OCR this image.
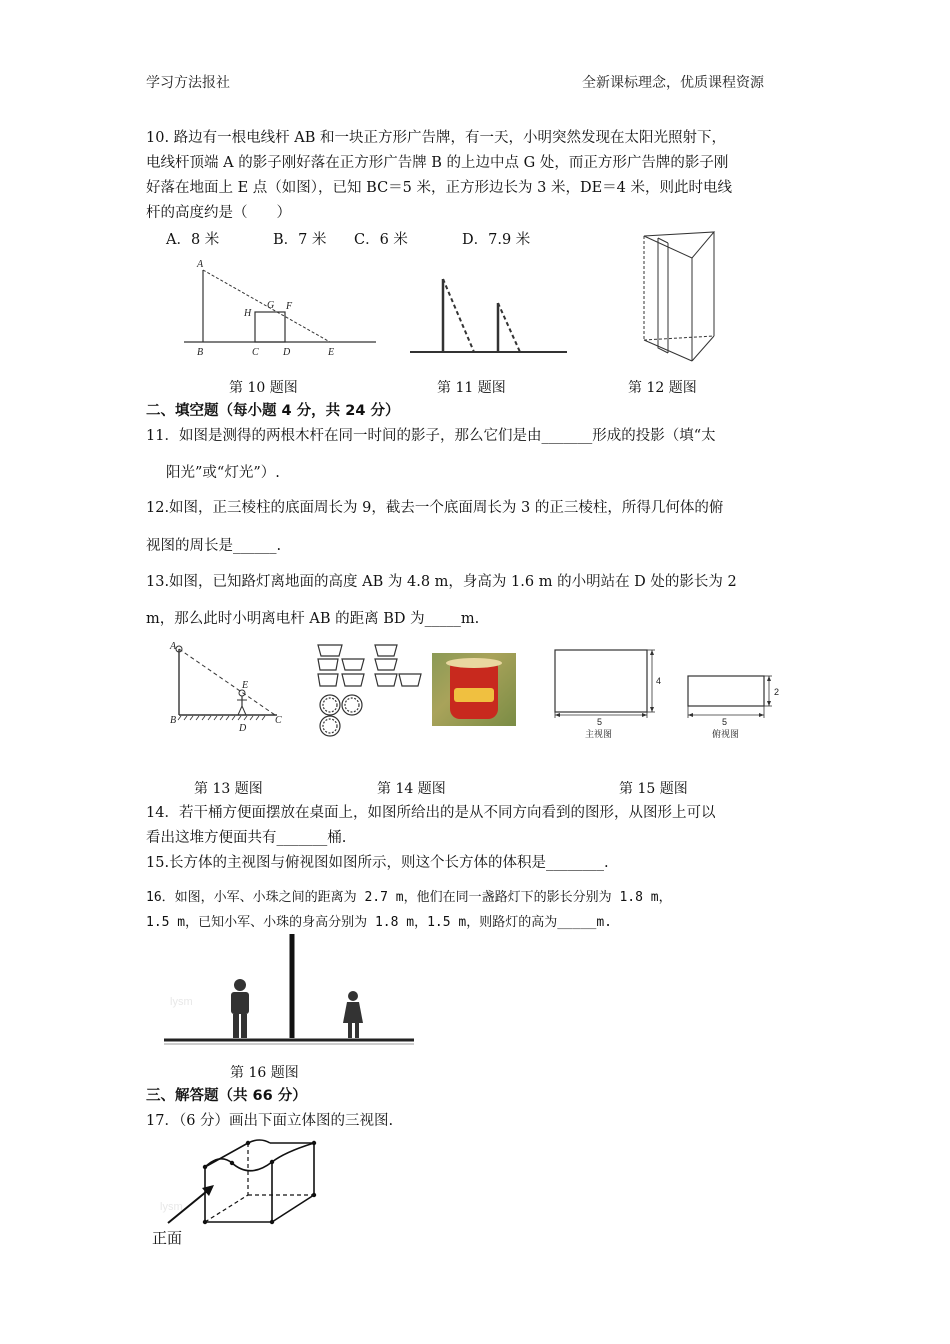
学习方法报社	全新课标理念，优质课程资源
10. 路边有一根电线杆 AB 和一块正方形广告牌，有一天，小明突然发现在太阳光照射下，
电线杆顶端 A 的影子刚好落在正方形广告牌 B 的上边中点 G 处，而正方形广告牌的影子刚
好落在地面上 E 点（如图），已知 BC＝5 米，正方形边长为 3 米，DE＝4 米，则此时电线
杆的高度约是（　　）
A．8 米	B．7 米 C．6 米	D．7.9 米
A
B	C D	E
F
G
H
第 10 题图	第 11 题图	第 12 题图
二、填空题（每小题 4 分，共 24 分）
11．如图是测得的两根木杆在同一时间的影子，那么它们是由_______形成的投影（填“太
阳光”或“灯光”）.
12.如图，正三棱柱的底面周长为 9，截去一个底面周长为 3 的正三棱柱，所得几何体的俯
视图的周长是______.
13.如图，已知路灯离地面的高度 AB 为 4.8 m，身高为 1.6 m 的小明站在 D 处的影长为 2
m，那么此时小明离电杆 AB 的距离 BD 为_____m.
A
B	C
D
E
5
4
主视图
5
2
俯视图
第 13 题图	第 14 题图	第 15 题图
14．若干桶方便面摆放在桌面上，如图所给出的是从不同方向看到的图形，从图形上可以
看出这堆方便面共有_______桶.
15.长方体的主视图与俯视图如图所示，则这个长方体的体积是________.
16．如图，小军、小珠之间的距离为 2.7 m，他们在同一盏路灯下的影长分别为 1.8 m，
1.5 m，已知小军、小珠的身高分别为 1.8 m，1.5 m，则路灯的高为_____m.
lysm
第 16 题图
三、解答题（共 66 分）
17．（6 分）画出下面立体图的三视图.
lysm
正面
